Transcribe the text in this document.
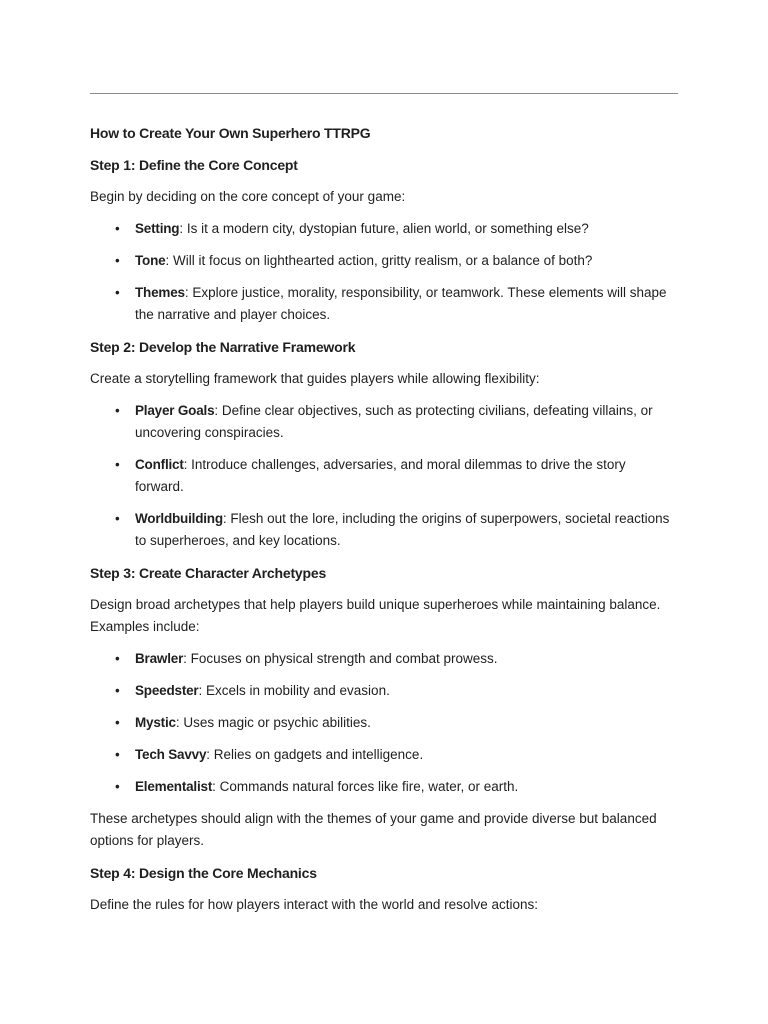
How to Create Your Own Superhero TTRPG

Step 1: Define the Core Concept

Begin by deciding on the core concept of your game:

• Setting: Is it a modern city, dystopian future, alien world, or something else?
• Tone: Will it focus on lighthearted action, gritty realism, or a balance of both?
• Themes: Explore justice, morality, responsibility, or teamwork. These elements will shape the narrative and player choices.

Step 2: Develop the Narrative Framework

Create a storytelling framework that guides players while allowing flexibility:

• Player Goals: Define clear objectives, such as protecting civilians, defeating villains, or uncovering conspiracies.
• Conflict: Introduce challenges, adversaries, and moral dilemmas to drive the story forward.
• Worldbuilding: Flesh out the lore, including the origins of superpowers, societal reactions to superheroes, and key locations.

Step 3: Create Character Archetypes

Design broad archetypes that help players build unique superheroes while maintaining balance. Examples include:

• Brawler: Focuses on physical strength and combat prowess.
• Speedster: Excels in mobility and evasion.
• Mystic: Uses magic or psychic abilities.
• Tech Savvy: Relies on gadgets and intelligence.
• Elementalist: Commands natural forces like fire, water, or earth.

These archetypes should align with the themes of your game and provide diverse but balanced options for players.

Step 4: Design the Core Mechanics

Define the rules for how players interact with the world and resolve actions:
